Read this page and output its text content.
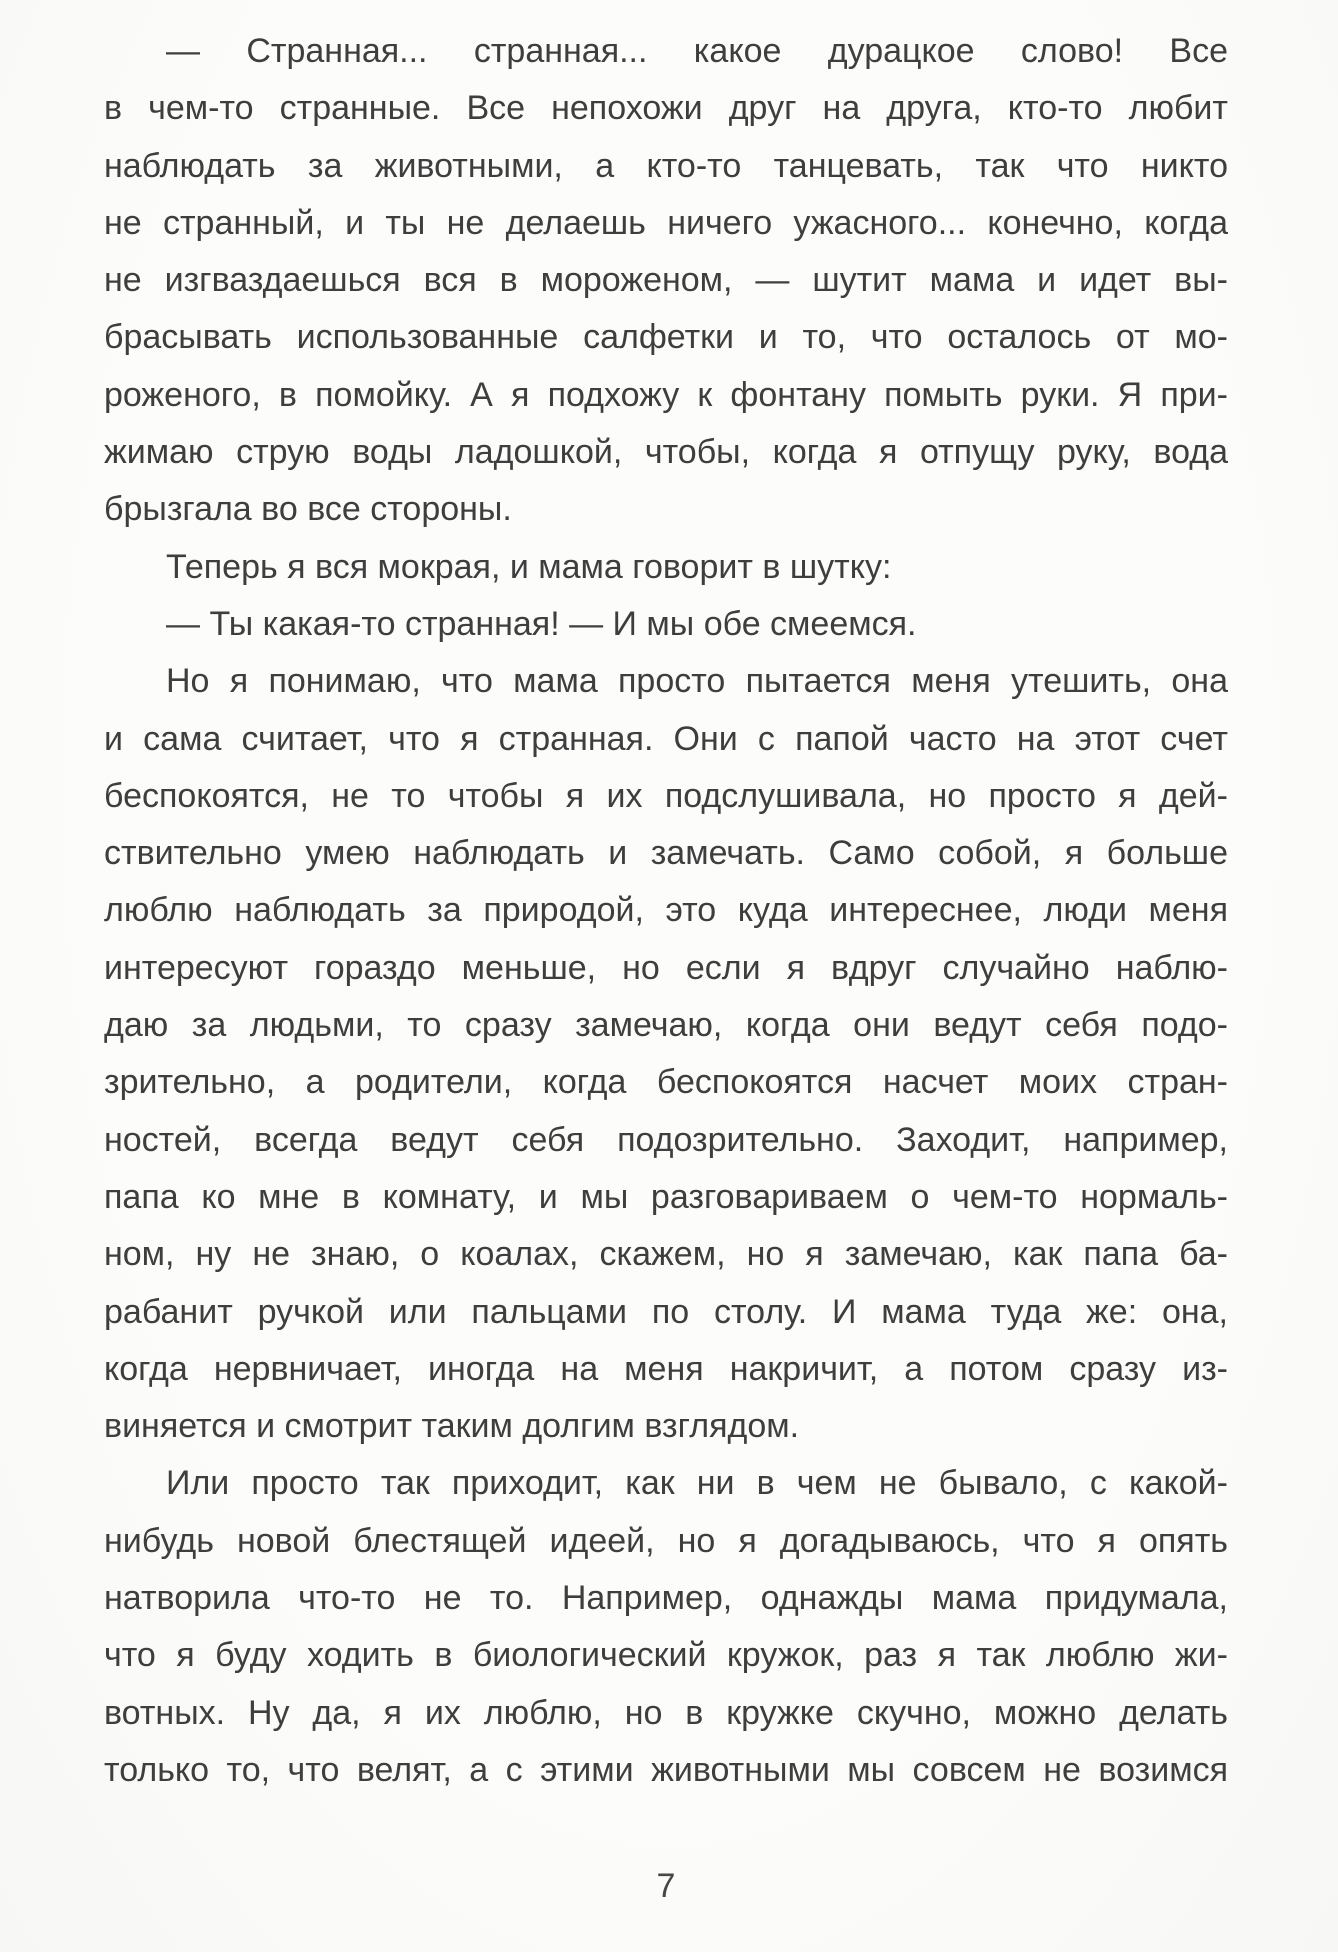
— Странная... странная... какое дурацкое слово! Все
в чем-то странные. Все непохожи друг на друга, кто-то любит
наблюдать за животными, а кто-то танцевать, так что никто
не странный, и ты не делаешь ничего ужасного... конечно, когда
не изгваздаешься вся в мороженом, — шутит мама и идет вы-
брасывать использованные салфетки и то, что осталось от мо-
роженого, в помойку. А я подхожу к фонтану помыть руки. Я при-
жимаю струю воды ладошкой, чтобы, когда я отпущу руку, вода
брызгала во все стороны.
Теперь я вся мокрая, и мама говорит в шутку:
— Ты какая-то странная! — И мы обе смеемся.
Но я понимаю, что мама просто пытается меня утешить, она
и сама считает, что я странная. Они с папой часто на этот счет
беспокоятся, не то чтобы я их подслушивала, но просто я дей-
ствительно умею наблюдать и замечать. Само собой, я больше
люблю наблюдать за природой, это куда интереснее, люди меня
интересуют гораздо меньше, но если я вдруг случайно наблю-
даю за людьми, то сразу замечаю, когда они ведут себя подо-
зрительно, а родители, когда беспокоятся насчет моих стран-
ностей, всегда ведут себя подозрительно. Заходит, например,
папа ко мне в комнату, и мы разговариваем о чем-то нормаль-
ном, ну не знаю, о коалах, скажем, но я замечаю, как папа ба-
рабанит ручкой или пальцами по столу. И мама туда же: она,
когда нервничает, иногда на меня накричит, а потом сразу из-
виняется и смотрит таким долгим взглядом.
Или просто так приходит, как ни в чем не бывало, с какой-
нибудь новой блестящей идеей, но я догадываюсь, что я опять
натворила что-то не то. Например, однажды мама придумала,
что я буду ходить в биологический кружок, раз я так люблю жи-
вотных. Ну да, я их люблю, но в кружке скучно, можно делать
только то, что велят, а с этими животными мы совсем не возимся
7
